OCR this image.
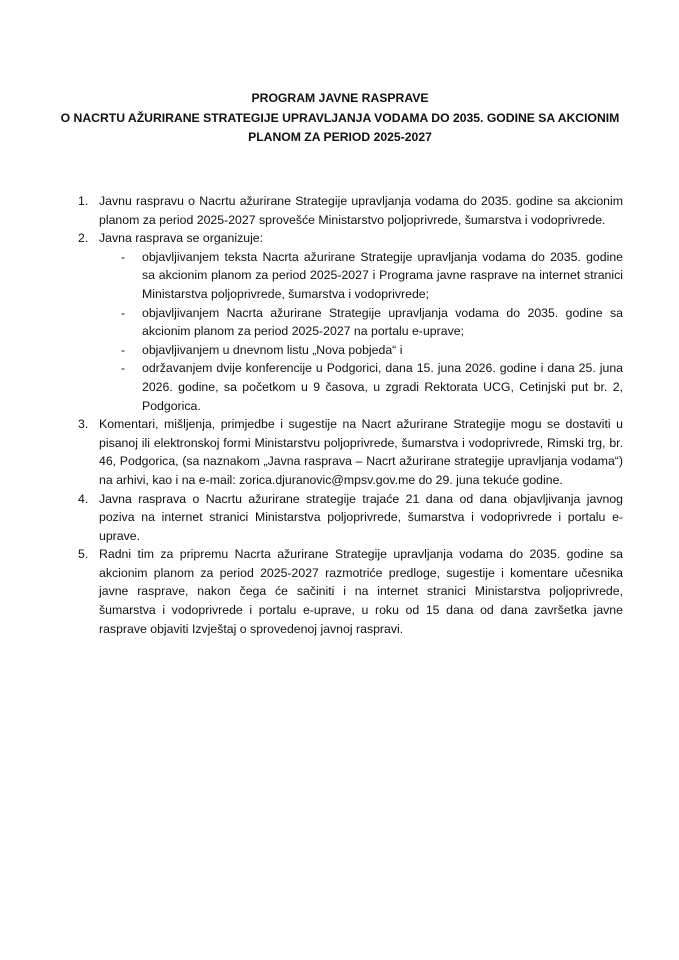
PROGRAM JAVNE RASPRAVE
O NACRTU AŽURIRANE STRATEGIJE UPRAVLJANJA VODAMA DO 2035. GODINE SA AKCIONIM
PLANOM ZA PERIOD 2025-2027
1. Javnu raspravu o Nacrtu ažurirane Strategije upravljanja vodama do 2035. godine sa akcionim planom za period 2025-2027 sprovešće Ministarstvo poljoprivrede, šumarstva i vodoprivrede.
2. Javna rasprava se organizuje:
- objavljivanjem teksta Nacrta ažurirane Strategije upravljanja vodama do 2035. godine sa akcionim planom za period 2025-2027 i Programa javne rasprave na internet stranici Ministarstva poljoprivrede, šumarstva i vodoprivrede;
- objavljivanjem Nacrta ažurirane Strategije upravljanja vodama do 2035. godine sa akcionim planom za period 2025-2027 na portalu e-uprave;
- objavljivanjem u dnevnom listu „Nova pobjeda“ i
- održavanjem dvije konferencije u Podgorici, dana 15. juna 2026. godine i dana 25. juna 2026. godine, sa početkom u 9 časova, u zgradi Rektorata UCG, Cetinjski put br. 2, Podgorica.
3. Komentari, mišljenja, primjedbe i sugestije na Nacrt ažurirane Strategije mogu se dostaviti u pisanoj ili elektronskoj formi Ministarstvu poljoprivrede, šumarstva i vodoprivrede, Rimski trg, br. 46, Podgorica, (sa naznakom „Javna rasprava – Nacrt ažurirane strategije upravljanja vodama“) na arhivi, kao i na e-mail: zorica.djuranovic@mpsv.gov.me do 29. juna tekuće godine.
4. Javna rasprava o Nacrtu ažurirane strategije trajaće 21 dana od dana objavljivanja javnog poziva na internet stranici Ministarstva poljoprivrede, šumarstva i vodoprivrede i portalu e-uprave.
5. Radni tim za pripremu Nacrta ažurirane Strategije upravljanja vodama do 2035. godine sa akcionim planom za period 2025-2027 razmotriće predloge, sugestije i komentare učesnika javne rasprave, nakon čega će sačiniti i na internet stranici Ministarstva poljoprivrede, šumarstva i vodoprivrede i portalu e-uprave, u roku od 15 dana od dana završetka javne rasprave objaviti Izvještaj o sprovedenoj javnoj raspravi.
